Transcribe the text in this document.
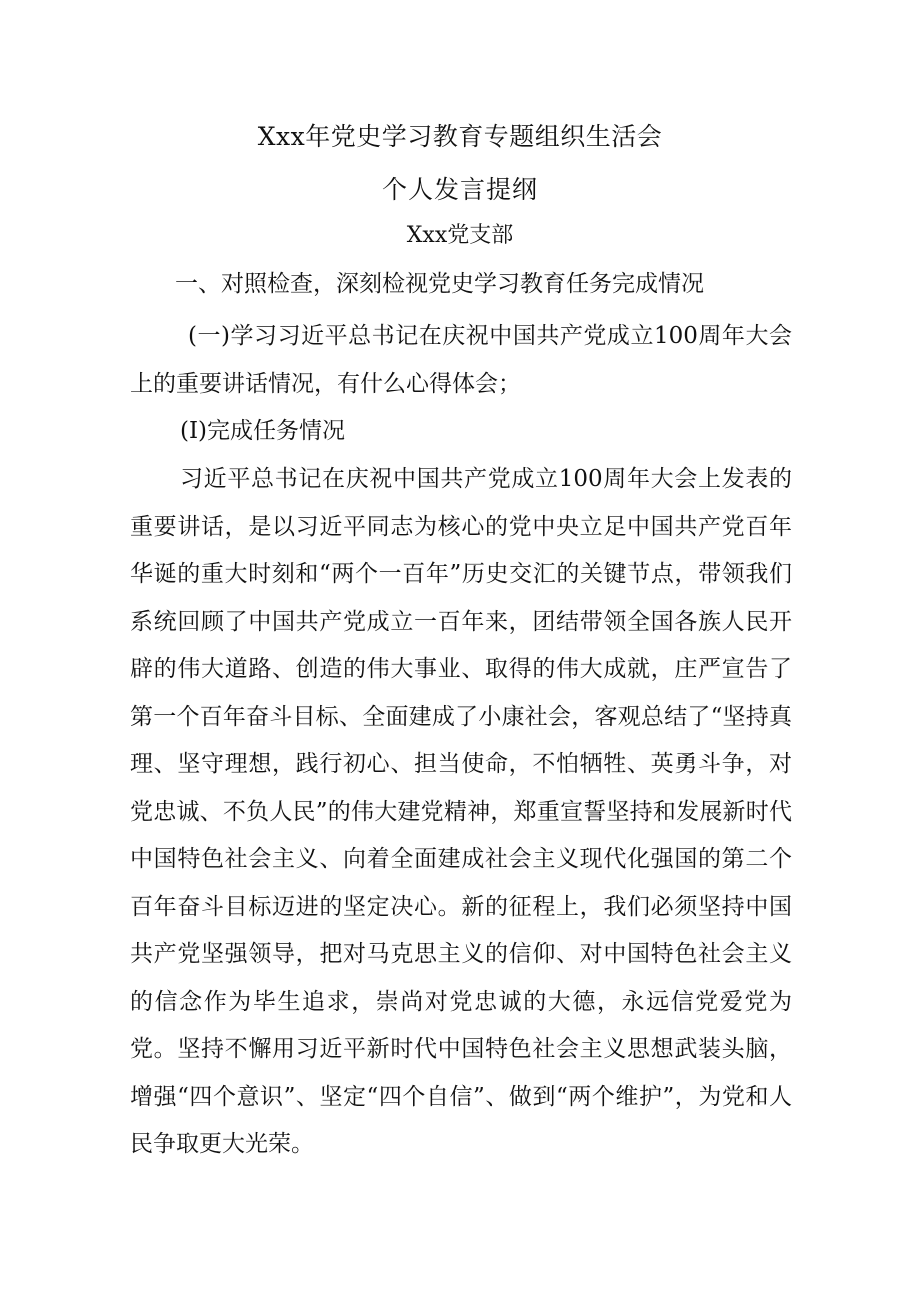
Xxx年党史学习教育专题组织生活会
个人发言提纲
Xxx党支部
一、对照检查，深刻检视党史学习教育任务完成情况

(一)学习习近平总书记在庆祝中国共产党成立100周年大会上的重要讲话情况，有什么心得体会；

(I)完成任务情况

习近平总书记在庆祝中国共产党成立100周年大会上发表的重要讲话，是以习近平同志为核心的党中央立足中国共产党百年华诞的重大时刻和“两个一百年”历史交汇的关键节点，带领我们系统回顾了中国共产党成立一百年来，团结带领全国各族人民开辟的伟大道路、创造的伟大事业、取得的伟大成就，庄严宣告了第一个百年奋斗目标、全面建成了小康社会，客观总结了“坚持真理、坚守理想，践行初心、担当使命，不怕牺牲、英勇斗争，对党忠诚、不负人民”的伟大建党精神，郑重宣誓坚持和发展新时代中国特色社会主义、向着全面建成社会主义现代化强国的第二个百年奋斗目标迈进的坚定决心。新的征程上，我们必须坚持中国共产党坚强领导，把对马克思主义的信仰、对中国特色社会主义的信念作为毕生追求，崇尚对党忠诚的大德，永远信党爱党为党。坚持不懈用习近平新时代中国特色社会主义思想武装头脑，增强“四个意识”、坚定“四个自信”、做到“两个维护”，为党和人民争取更大光荣。
